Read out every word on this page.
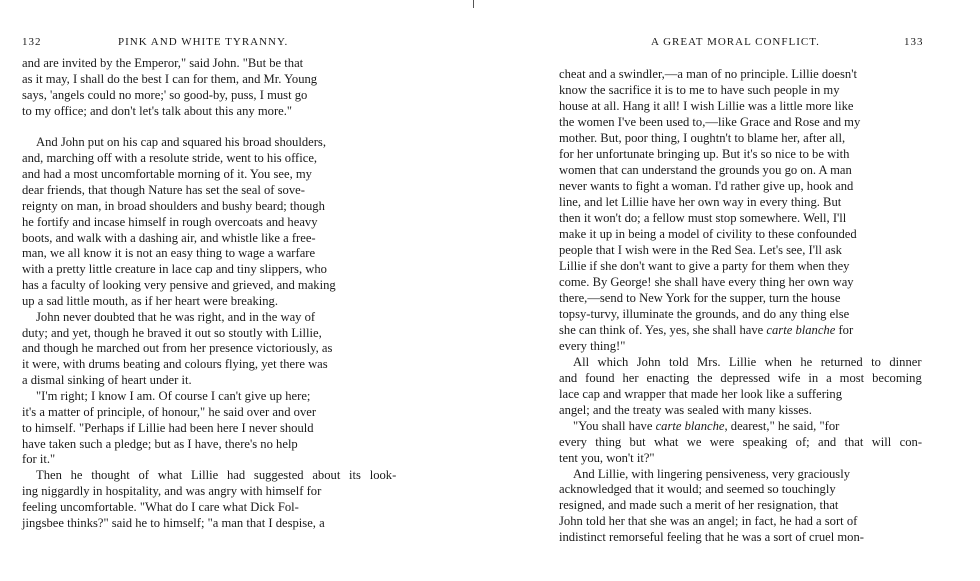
132	PINK AND WHITE TYRANNY.
and are invited by the Emperor," said John. "But be that
as it may, I shall do the best I can for them, and Mr. Young
says, 'angels could no more;' so good-by, puss, I must go
to my office; and don't let's talk about this any more."
And John put on his cap and squared his broad shoulders,
and, marching off with a resolute stride, went to his office,
and had a most uncomfortable morning of it. You see, my
dear friends, that though Nature has set the seal of sove-
reignty on man, in broad shoulders and bushy beard; though
he fortify and incase himself in rough overcoats and heavy
boots, and walk with a dashing air, and whistle like a free-
man, we all know it is not an easy thing to wage a warfare
with a pretty little creature in lace cap and tiny slippers, who
has a faculty of looking very pensive and grieved, and making
up a sad little mouth, as if her heart were breaking.
John never doubted that he was right, and in the way of
duty; and yet, though he braved it out so stoutly with Lillie,
and though he marched out from her presence victoriously, as
it were, with drums beating and colours flying, yet there was
a dismal sinking of heart under it.
"I'm right; I know I am. Of course I can't give up here;
it's a matter of principle, of honour," he said over and over
to himself. "Perhaps if Lillie had been here I never should
have taken such a pledge; but as I have, there's no help
for it."
Then he thought of what Lillie had suggested about its look-
ing niggardly in hospitality, and was angry with himself for
feeling uncomfortable. "What do I care what Dick Fol-
jingsbee thinks?" said he to himself; "a man that I despise, a
A GREAT MORAL CONFLICT.	133
cheat and a swindler,—a man of no principle. Lillie doesn't
know the sacrifice it is to me to have such people in my
house at all. Hang it all! I wish Lillie was a little more like
the women I've been used to,—like Grace and Rose and my
mother. But, poor thing, I oughtn't to blame her, after all,
for her unfortunate bringing up. But it's so nice to be with
women that can understand the grounds you go on. A man
never wants to fight a woman. I'd rather give up, hook and
line, and let Lillie have her own way in every thing. But
then it won't do; a fellow must stop somewhere. Well, I'll
make it up in being a model of civility to these confounded
people that I wish were in the Red Sea. Let's see, I'll ask
Lillie if she don't want to give a party for them when they
come. By George! she shall have every thing her own way
there,—send to New York for the supper, turn the house
topsy-turvy, illuminate the grounds, and do any thing else
she can think of. Yes, yes, she shall have carte blanche for
every thing!"
All which John told Mrs. Lillie when he returned to dinner
and found her enacting the depressed wife in a most becoming
lace cap and wrapper that made her look like a suffering
angel; and the treaty was sealed with many kisses.
"You shall have carte blanche, dearest," he said, "for
every thing but what we were speaking of; and that will con-
tent you, won't it?"
And Lillie, with lingering pensiveness, very graciously
acknowledged that it would; and seemed so touchingly
resigned, and made such a merit of her resignation, that
John told her that she was an angel; in fact, he had a sort of
indistinct remorseful feeling that he was a sort of cruel mon-
